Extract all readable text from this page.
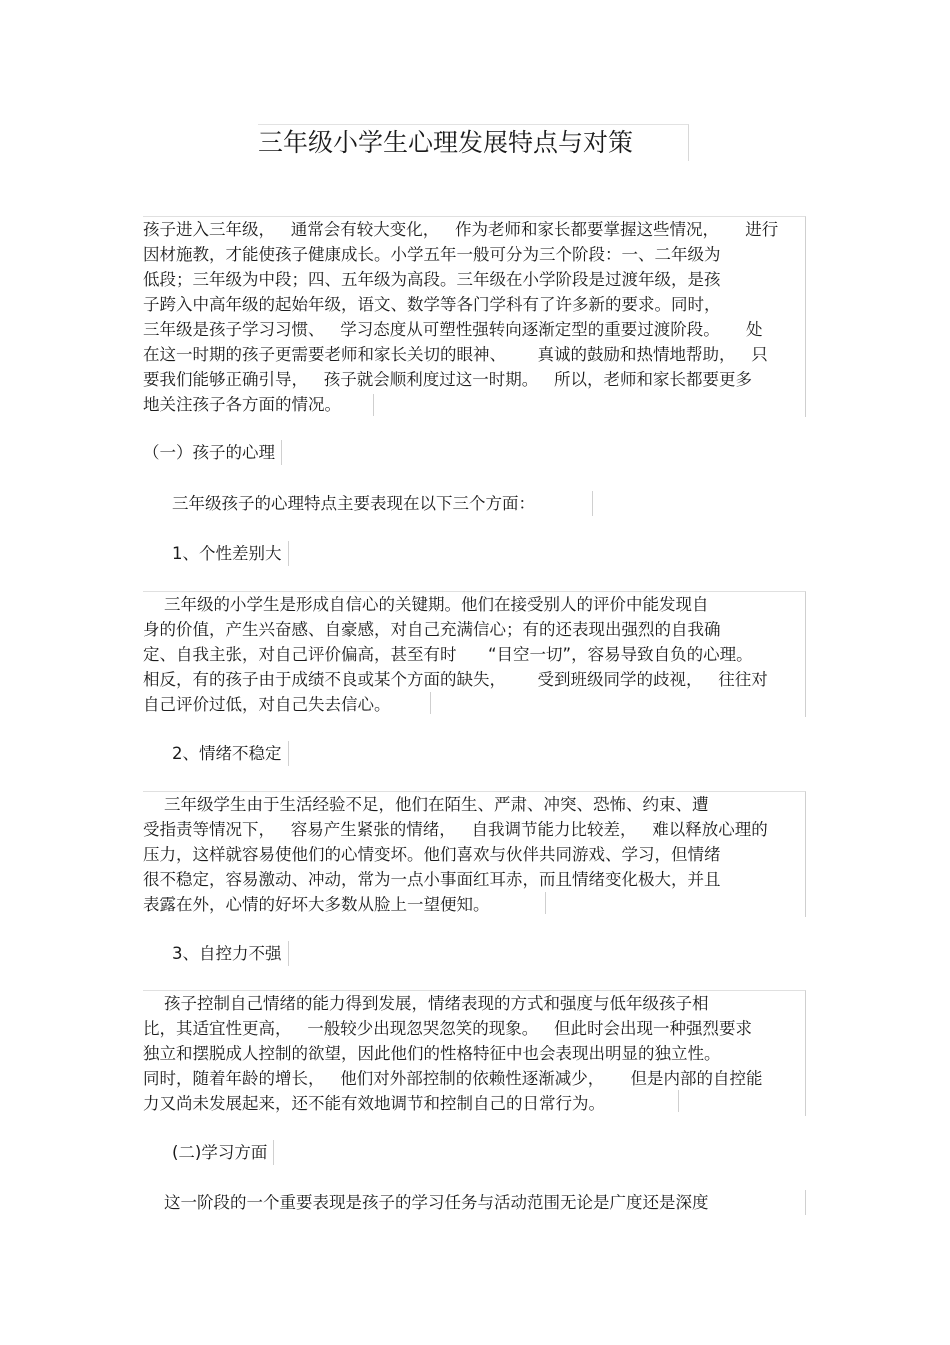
三年级小学生心理发展特点与对策
孩子进入三年级，   通常会有较大变化，   作为老师和家长都要掌握这些情况，     进行
因材施教，才能使孩子健康成长。小学五年一般可分为三个阶段：一、二年级为
低段；三年级为中段；四、五年级为高段。三年级在小学阶段是过渡年级，是孩
子跨入中高年级的起始年级，语文、数学等各门学科有了许多新的要求。同时，
三年级是孩子学习习惯、   学习态度从可塑性强转向逐渐定型的重要过渡阶段。     处
在这一时期的孩子更需要老师和家长关切的眼神、      真诚的鼓励和热情地帮助，   只
要我们能够正确引导，   孩子就会顺利度过这一时期。   所以，老师和家长都要更多
地关注孩子各方面的情况。
（一）孩子的心理
三年级孩子的心理特点主要表现在以下三个方面：
1、个性差别大
三年级的小学生是形成自信心的关键期。他们在接受别人的评价中能发现自
身的价值，产生兴奋感、自豪感，对自己充满信心；有的还表现出强烈的自我确
定、自我主张，对自己评价偏高，甚至有时      “目空一切”，容易导致自负的心理。
相反，有的孩子由于成绩不良或某个方面的缺失，      受到班级同学的歧视，   往往对
自己评价过低，对自己失去信心。
2、情绪不稳定
三年级学生由于生活经验不足，他们在陌生、严肃、冲突、恐怖、约束、遭
受指责等情况下，   容易产生紧张的情绪，   自我调节能力比较差，   难以释放心理的
压力，这样就容易使他们的心情变坏。他们喜欢与伙伴共同游戏、学习，但情绪
很不稳定，容易激动、冲动，常为一点小事面红耳赤，而且情绪变化极大，并且
表露在外，心情的好坏大多数从脸上一望便知。
3、自控力不强
孩子控制自己情绪的能力得到发展，情绪表现的方式和强度与低年级孩子相
比，其适宜性更高，   一般较少出现忽哭忽笑的现象。   但此时会出现一种强烈要求
独立和摆脱成人控制的欲望，因此他们的性格特征中也会表现出明显的独立性。
同时，随着年龄的增长，   他们对外部控制的依赖性逐渐减少，     但是内部的自控能
力又尚未发展起来，还不能有效地调节和控制自己的日常行为。
(二)学习方面
这一阶段的一个重要表现是孩子的学习任务与活动范围无论是广度还是深度
